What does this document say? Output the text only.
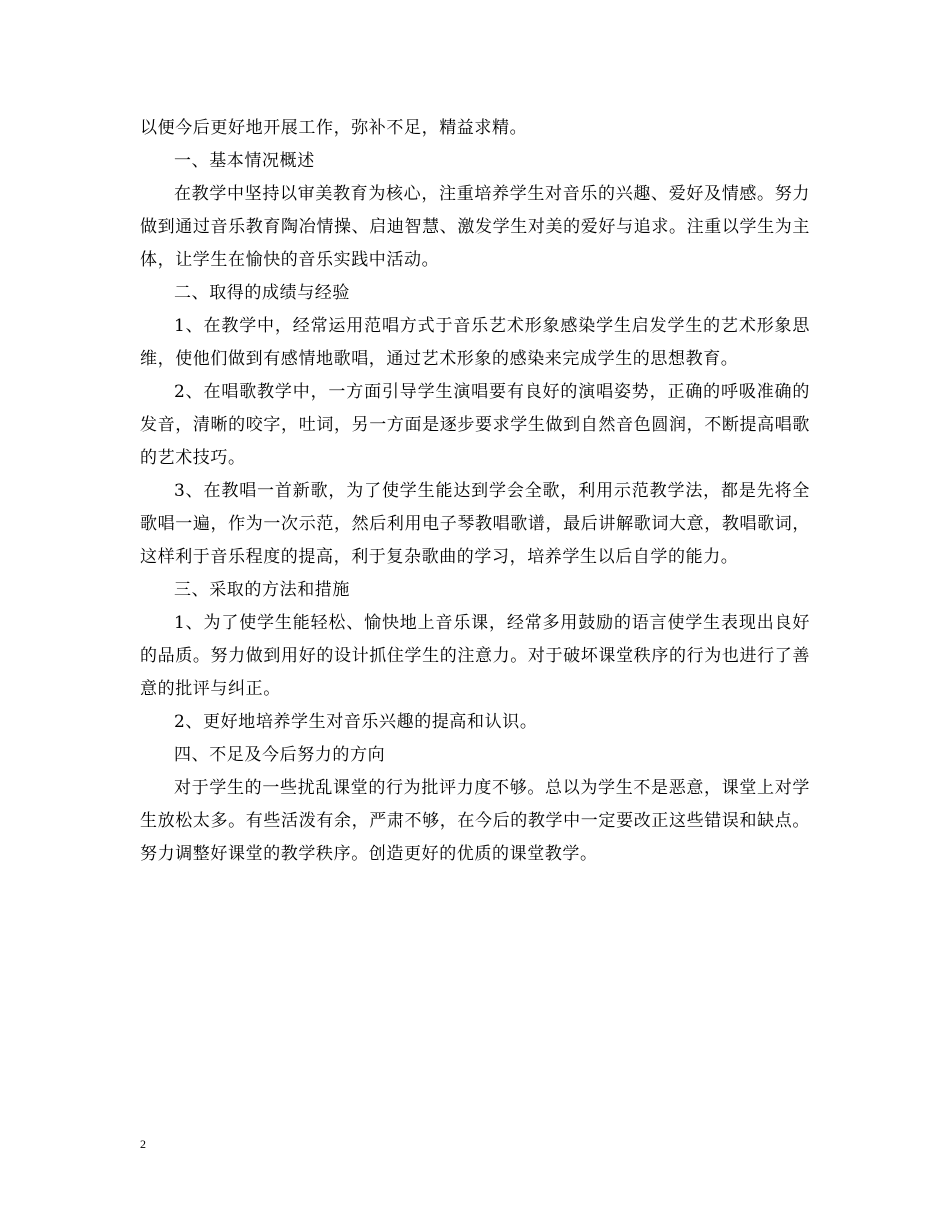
以便今后更好地开展工作，弥补不足，精益求精。

一、基本情况概述

在教学中坚持以审美教育为核心，注重培养学生对音乐的兴趣、爱好及情感。努力做到通过音乐教育陶冶情操、启迪智慧、激发学生对美的爱好与追求。注重以学生为主体，让学生在愉快的音乐实践中活动。

二、取得的成绩与经验

1、在教学中，经常运用范唱方式于音乐艺术形象感染学生启发学生的艺术形象思维，使他们做到有感情地歌唱，通过艺术形象的感染来完成学生的思想教育。

2、在唱歌教学中，一方面引导学生演唱要有良好的演唱姿势，正确的呼吸准确的发音，清晰的咬字，吐词，另一方面是逐步要求学生做到自然音色圆润，不断提高唱歌的艺术技巧。

3、在教唱一首新歌，为了使学生能达到学会全歌，利用示范教学法，都是先将全歌唱一遍，作为一次示范，然后利用电子琴教唱歌谱，最后讲解歌词大意，教唱歌词，这样利于音乐程度的提高，利于复杂歌曲的学习，培养学生以后自学的能力。

三、采取的方法和措施

1、为了使学生能轻松、愉快地上音乐课，经常多用鼓励的语言使学生表现出良好的品质。努力做到用好的设计抓住学生的注意力。对于破坏课堂秩序的行为也进行了善意的批评与纠正。

2、更好地培养学生对音乐兴趣的提高和认识。

四、不足及今后努力的方向

对于学生的一些扰乱课堂的行为批评力度不够。总以为学生不是恶意，课堂上对学生放松太多。有些活泼有余，严肃不够，在今后的教学中一定要改正这些错误和缺点。努力调整好课堂的教学秩序。创造更好的优质的课堂教学。

2
